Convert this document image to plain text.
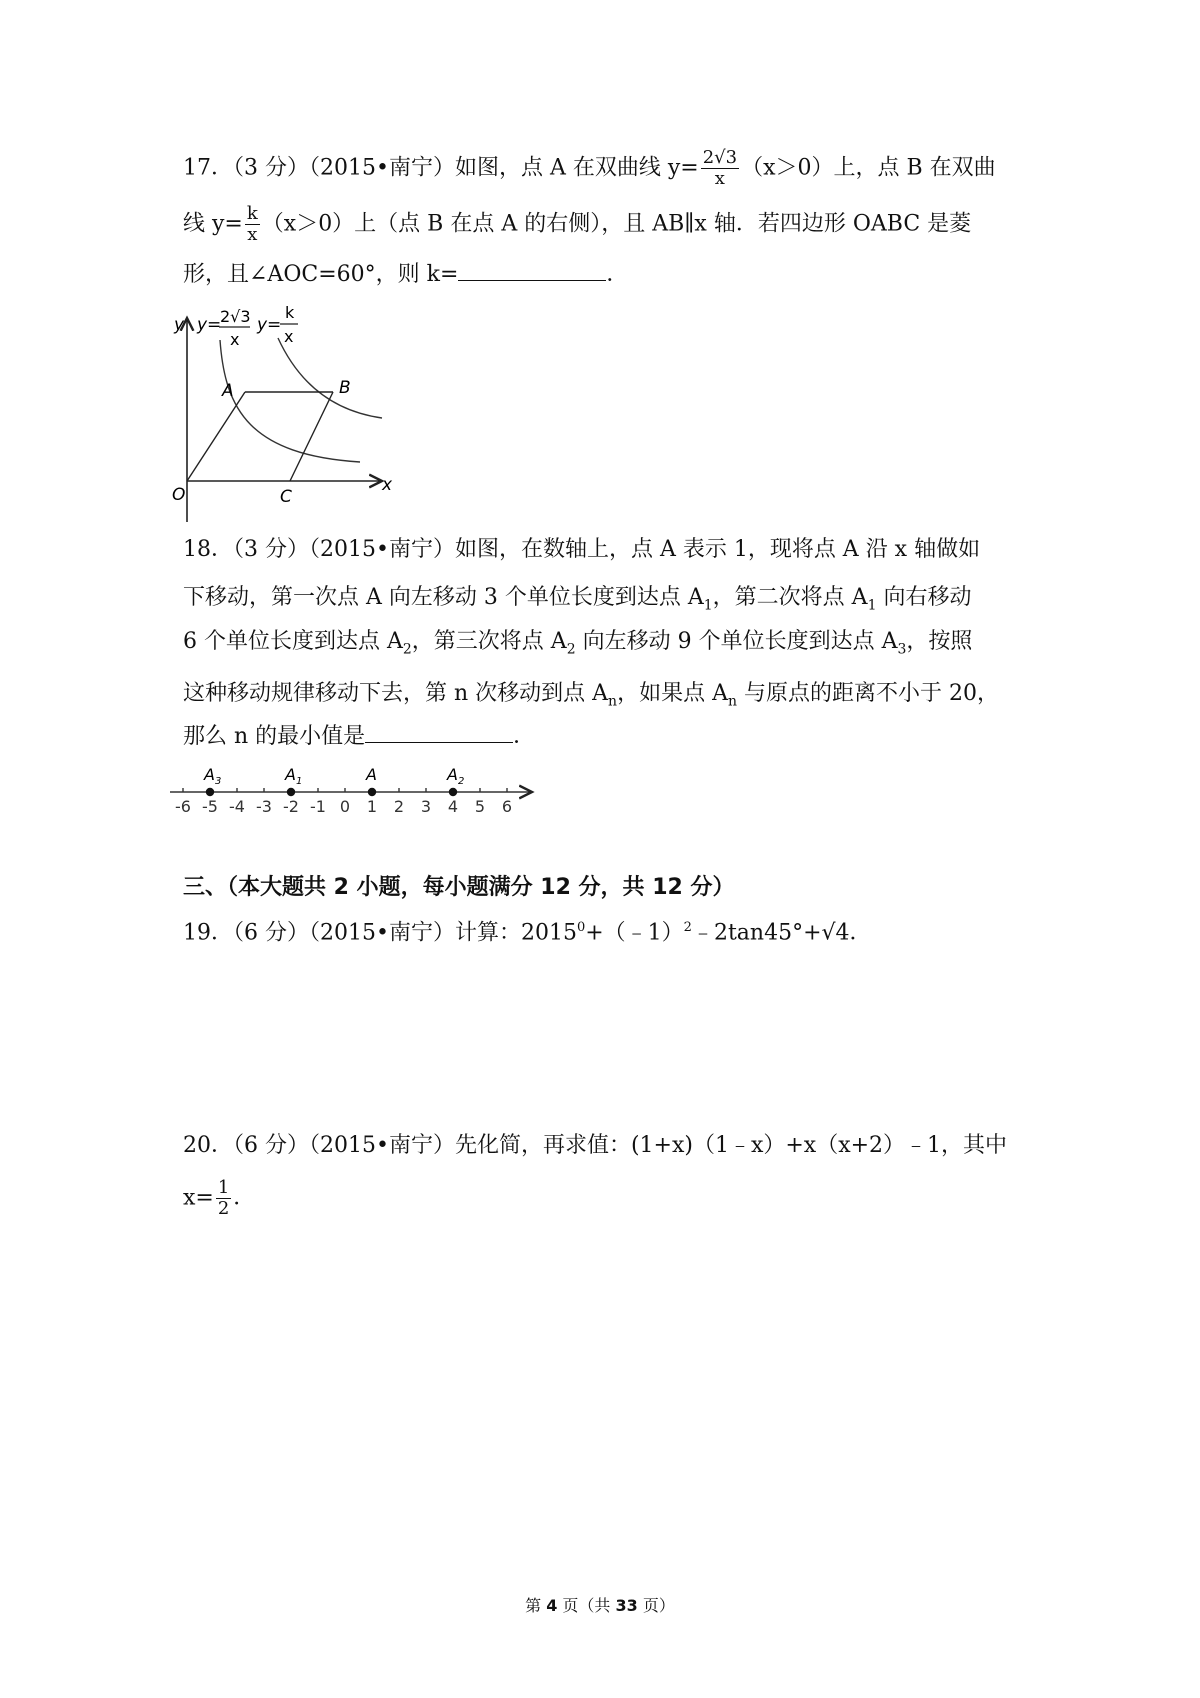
17．（3 分）（2015•南宁）如图，点 A 在双曲线 $y= \frac{2√3}{x} (x>0)$上，点 B 在双曲
线 $y= \frac{k}{x} (x>0)$上（点 B 在点 A 的右侧），且 AB∥x 轴．若四边形 OABC 是菱
形，且∠AOC=60°，则 k=	．
y
x
y=
2√3
x
y=
k
x
O
A	B
C
18．（3 分）（2015•南宁）如图，在数轴上，点 A 表示 1，现将点 A 沿 x 轴做如
下移动，第一次点 A 向左移动 3 个单位长度到达点 $A_1$，第二次将点 $A_1$ 向右移动
6 个单位长度到达点 $A_2$，第三次将点 $A_2$ 向左移动 9 个单位长度到达点 $A_3$，按照
这种移动规律移动下去，第 n 次移动到点 $A_n$，如果点 $A_n$ 与原点的距离不小于 20，
那么 n 的最小值是	．
-6 -5 -4 -3 -2 -1 0 1 2 3 4 5 6
$A_3$	$A_1$	A	$A_2$
三、（本大题共 2 小题，每小题满分 12 分，共 12 分）
19．（6 分）（2015•南宁）计算：$2015^0+(﹣1)^2﹣2\tan 45^\circ+√4$．
20．（6 分）（2015•南宁）先化简，再求值：(1+x)（1﹣x）+x（x+2）﹣1，其中
$x= \frac{1}{2}$ ．
第 4 页（共 33 页）
